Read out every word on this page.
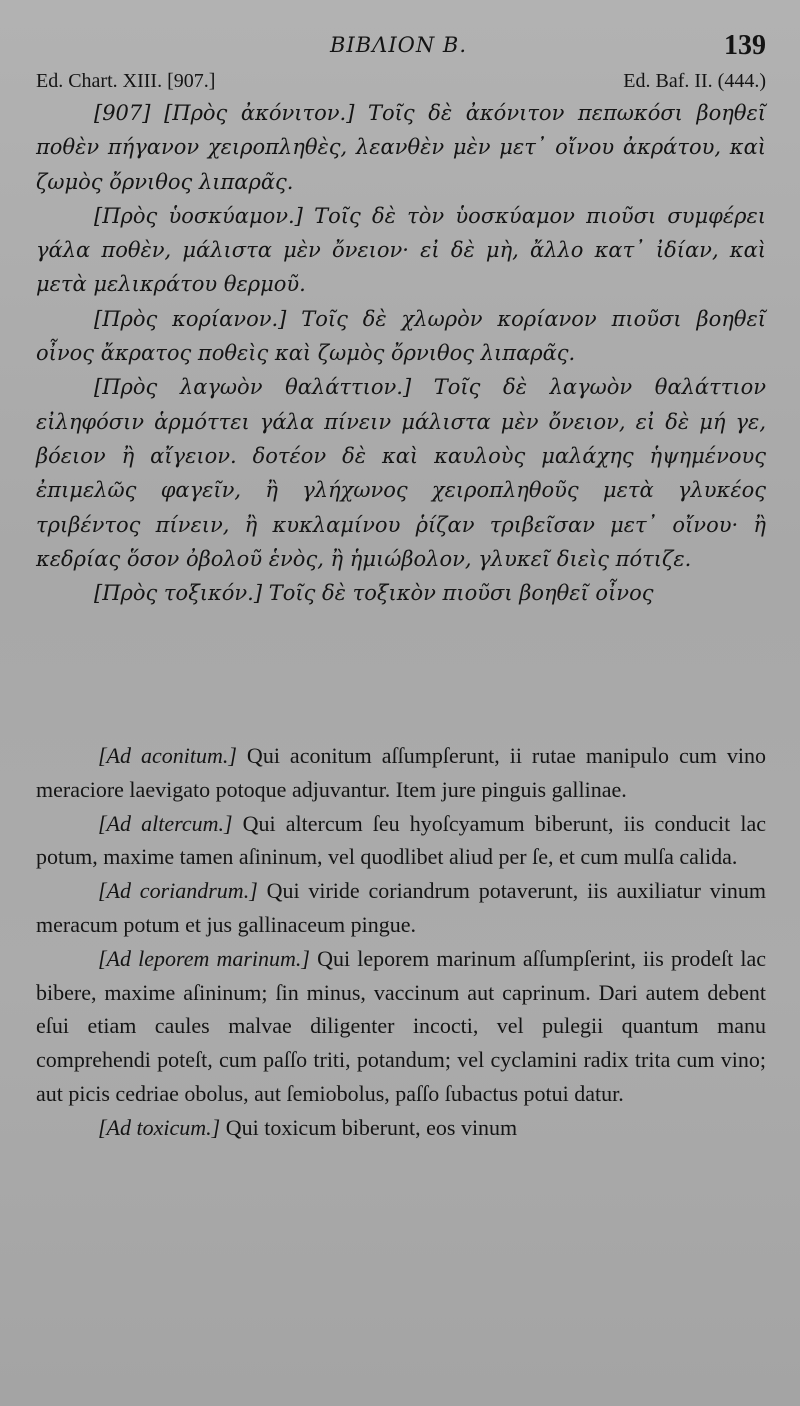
ΒΙΒΛΙΟΝ Β.	139
Ed. Chart. XIII. [907.]	Ed. Baf. II. (444.)

[907] [Πρὸς ἀκόνιτον.] Τοῖς δὲ ἀκόνιτον πεπωκόσι βοηθεῖ ποθὲν πήγανον χειροπληθὲς, λεανθὲν μὲν μετ᾽ οἴνου ἀκράτου, καὶ ζωμὸς ὄρνιθος λιπαρᾶς.

[Πρὸς ὑοσκύαμον.] Τοῖς δὲ τὸν ὑοσκύαμον πιοῦσι συμφέρει γάλα ποθὲν, μάλιστα μὲν ὄνειον· εἰ δὲ μὴ, ἄλλο κατ᾽ ἰδίαν, καὶ μετὰ μελικράτου θερμοῦ.

[Πρὸς κορίανον.] Τοῖς δὲ χλωρὸν κορίανον πιοῦσι βοηθεῖ οἶνος ἄκρατος ποθεὶς καὶ ζωμὸς ὄρνιθος λιπαρᾶς.

[Πρὸς λαγωὸν θαλάττιον.] Τοῖς δὲ λαγωὸν θαλάττιον εἰληφόσιν ἁρμόττει γάλα πίνειν μάλιστα μὲν ὄνειον, εἰ δὲ μή γε, βόειον ἢ αἴγειον. δοτέον δὲ καὶ καυλοὺς μαλάχης ἡψημένους ἐπιμελῶς φαγεῖν, ἢ γλήχωνος χειροπληθοῦς μετὰ γλυκέος τριβέντος πίνειν, ἢ κυκλαμίνου ῥίζαν τριβεῖσαν μετ᾽ οἴνου· ἢ κεδρίας ὅσον ὀβολοῦ ἑνὸς, ἢ ἡμιώβολον, γλυκεῖ διεὶς πότιζε.

[Πρὸς τοξικόν.] Τοῖς δὲ τοξικὸν πιοῦσι βοηθεῖ οἶνος

[Ad aconitum.] Qui aconitum aſſumpſerunt, ii rutae manipulo cum vino meraciore laevigato potoque adjuvantur. Item jure pinguis gallinae.

[Ad altercum.] Qui altercum ſeu hyoſcyamum biberunt, iis conducit lac potum, maxime tamen aſininum, vel quodlibet aliud per ſe, et cum mulſa calida.

[Ad coriandrum.] Qui viride coriandrum potaverunt, iis auxiliatur vinum meracum potum et jus gallinaceum pingue.

[Ad leporem marinum.] Qui leporem marinum aſſumpſerint, iis prodeſt lac bibere, maxime aſininum; ſin minus, vaccinum aut caprinum. Dari autem debent eſui etiam caules malvae diligenter incocti, vel pulegii quantum manu comprehendi poteſt, cum paſſo triti, potandum; vel cyclamini radix trita cum vino; aut picis cedriae obolus, aut ſemiobolus, paſſo ſubactus potui datur.

[Ad toxicum.] Qui toxicum biberunt, eos vinum
